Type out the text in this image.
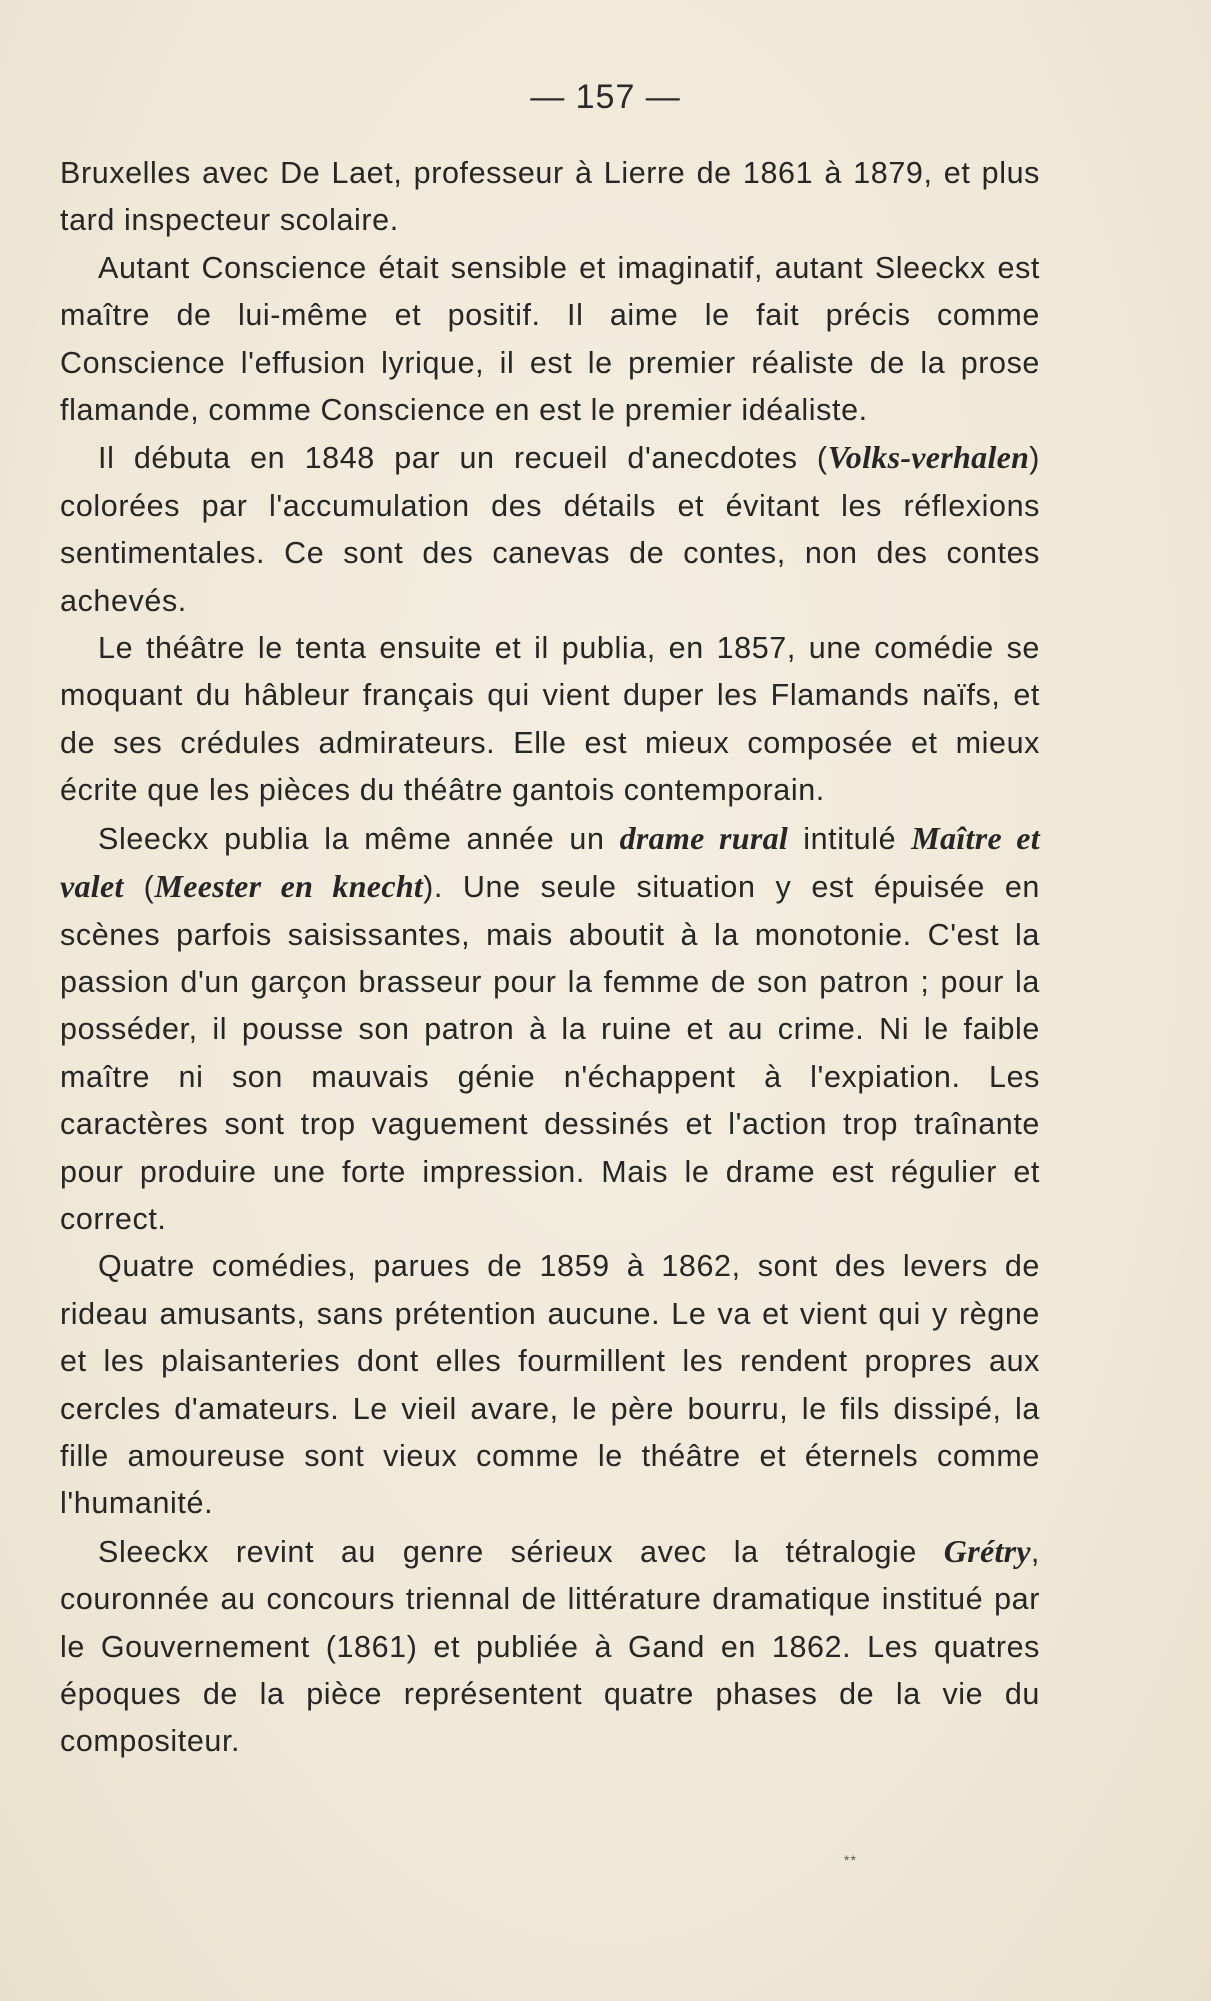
— 157 —

Bruxelles avec De Laet, professeur à Lierre de 1861 à 1879, et plus tard inspecteur scolaire.

Autant Conscience était sensible et imaginatif, autant Sleeckx est maître de lui-même et positif. Il aime le fait précis comme Conscience l'effusion lyrique, il est le premier réaliste de la prose flamande, comme Conscience en est le premier idéaliste.

Il débuta en 1848 par un recueil d'anecdotes (Volks-verhalen) colorées par l'accumulation des détails et évitant les réflexions sentimentales. Ce sont des canevas de contes, non des contes achevés.

Le théâtre le tenta ensuite et il publia, en 1857, une comédie se moquant du hâbleur français qui vient duper les Flamands naïfs, et de ses crédules admirateurs. Elle est mieux composée et mieux écrite que les pièces du théâtre gantois contemporain.

Sleeckx publia la même année un drame rural intitulé Maître et valet (Meester en knecht). Une seule situation y est épuisée en scènes parfois saisissantes, mais aboutit à la monotonie. C'est la passion d'un garçon brasseur pour la femme de son patron ; pour la posséder, il pousse son patron à la ruine et au crime. Ni le faible maître ni son mauvais génie n'échappent à l'expiation. Les caractères sont trop vaguement dessinés et l'action trop traînante pour produire une forte impression. Mais le drame est régulier et correct.

Quatre comédies, parues de 1859 à 1862, sont des levers de rideau amusants, sans prétention aucune. Le va et vient qui y règne et les plaisanteries dont elles fourmillent les rendent propres aux cercles d'amateurs. Le vieil avare, le père bourru, le fils dissipé, la fille amoureuse sont vieux comme le théâtre et éternels comme l'humanité.

Sleeckx revint au genre sérieux avec la tétralogie Grétry, couronnée au concours triennal de littérature dramatique institué par le Gouvernement (1861) et publiée à Gand en 1862. Les quatres époques de la pièce représentent quatre phases de la vie du compositeur.

**
